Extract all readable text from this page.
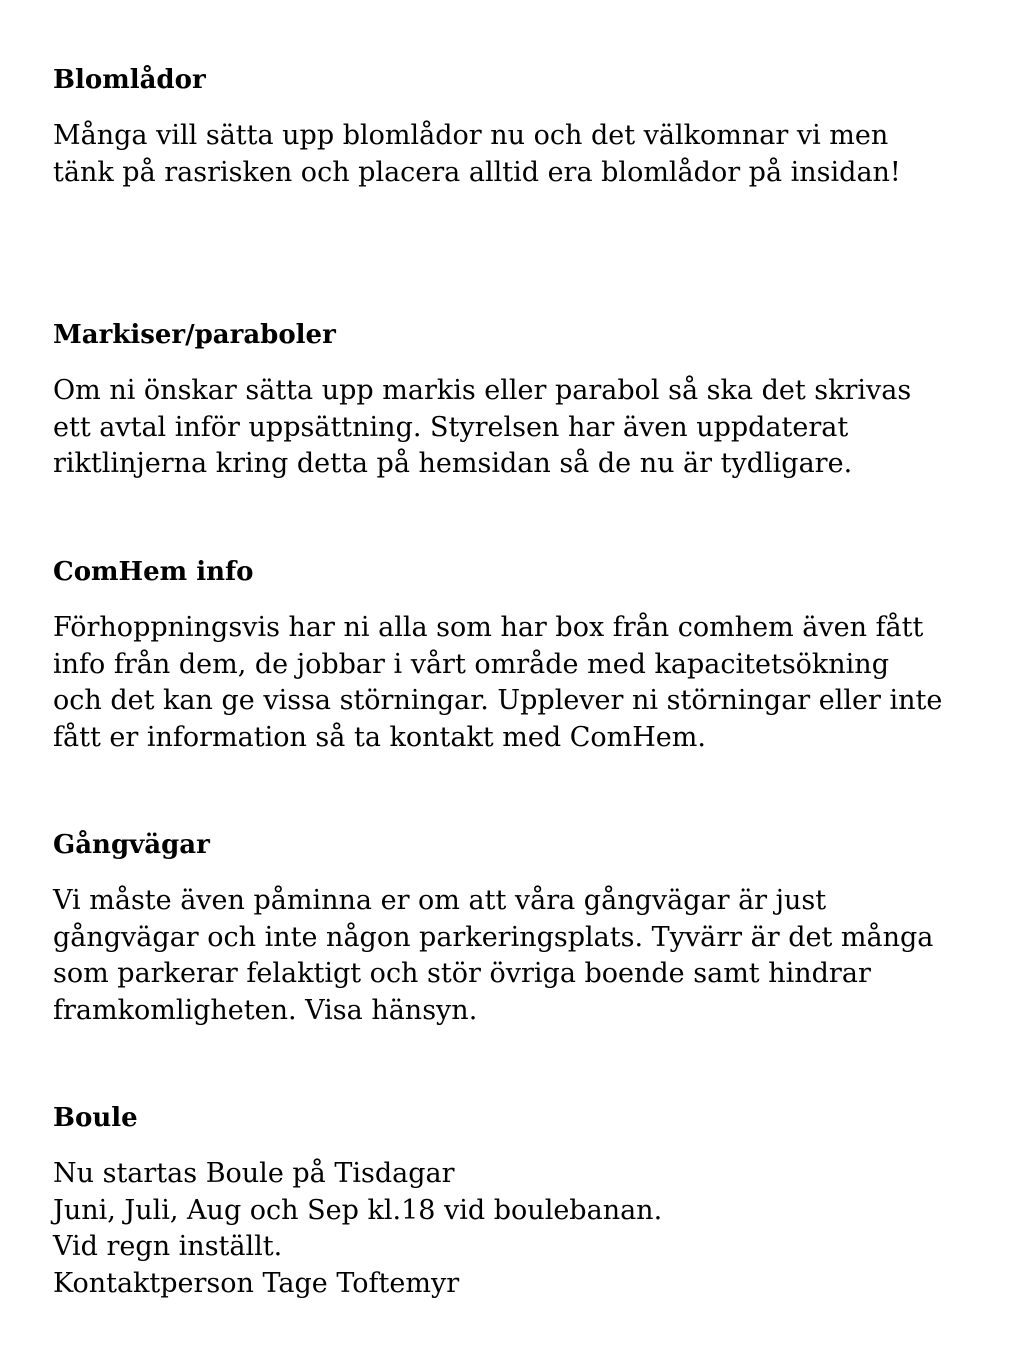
Blomlådor

Många vill sätta upp blomlådor nu och det välkomnar vi men
tänk på rasrisken och placera alltid era blomlådor på insidan!

Markiser/paraboler

Om ni önskar sätta upp markis eller parabol så ska det skrivas
ett avtal inför uppsättning. Styrelsen har även uppdaterat
riktlinjerna kring detta på hemsidan så de nu är tydligare.

ComHem info

Förhoppningsvis har ni alla som har box från comhem även fått
info från dem, de jobbar i vårt område med kapacitetsökning
och det kan ge vissa störningar. Upplever ni störningar eller inte
fått er information så ta kontakt med ComHem.

Gångvägar

Vi måste även påminna er om att våra gångvägar är just
gångvägar och inte någon parkeringsplats. Tyvärr är det många
som parkerar felaktigt och stör övriga boende samt hindrar
framkomligheten. Visa hänsyn.

Boule

Nu startas Boule på Tisdagar
Juni, Juli, Aug och Sep kl.18 vid boulebanan.
Vid regn inställt.
Kontaktperson Tage Toftemyr
